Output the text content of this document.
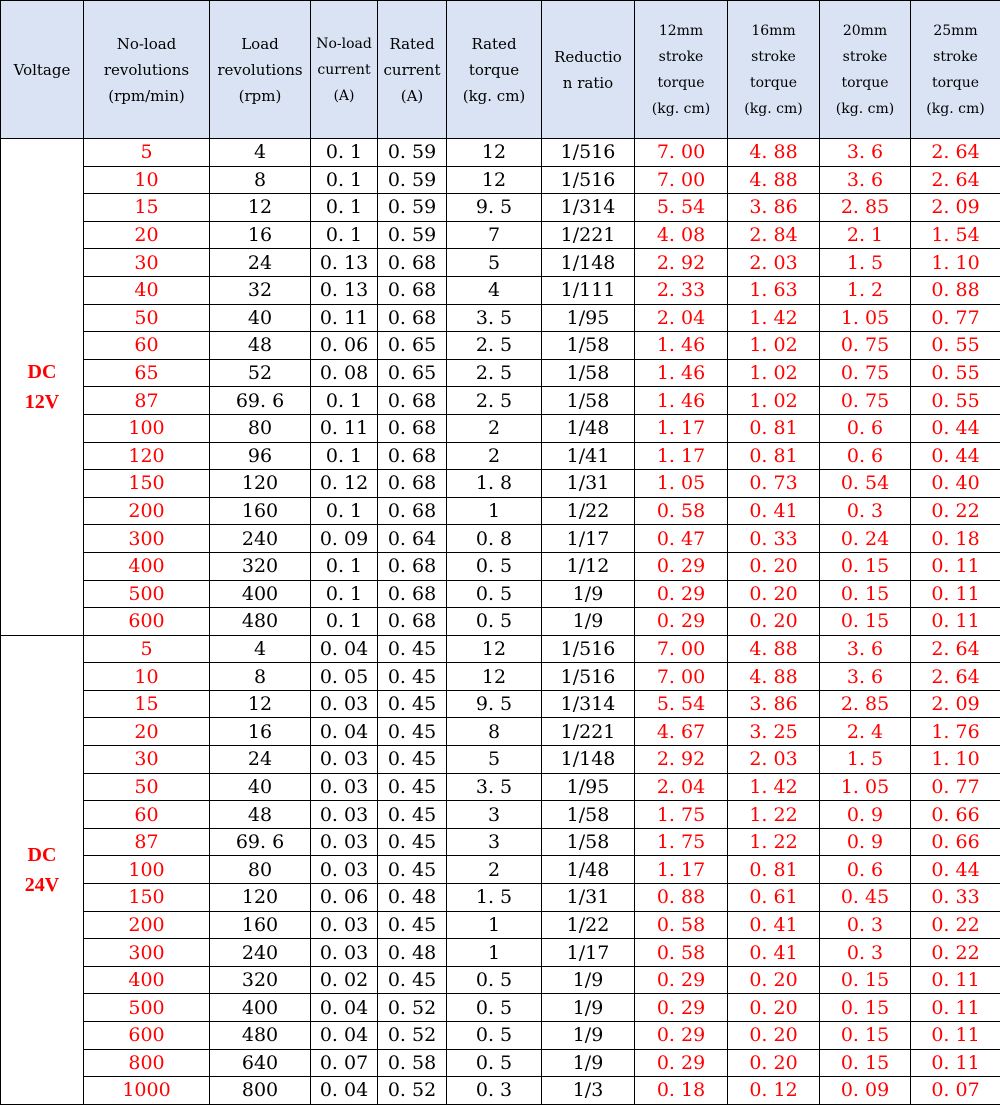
Voltage	No-load
revolutions
(rpm/min)	Load
revolutions
(rpm)	No-load
current
(A)	Rated
current
(A)	Rated
torque
(kg. cm)	Reductio
n ratio	12mm
stroke
torque
(kg. cm)	16mm
stroke
torque
(kg. cm)	20mm
stroke
torque
(kg. cm)	25mm
stroke
torque
(kg. cm)
DC
12V	5	4	0. 1	0. 59	12	1/516	7. 00	4. 88	3. 6	2. 64
	10	8	0. 1	0. 59	12	1/516	7. 00	4. 88	3. 6	2. 64
	15	12	0. 1	0. 59	9. 5	1/314	5. 54	3. 86	2. 85	2. 09
	20	16	0. 1	0. 59	7	1/221	4. 08	2. 84	2. 1	1. 54
	30	24	0. 13	0. 68	5	1/148	2. 92	2. 03	1. 5	1. 10
	40	32	0. 13	0. 68	4	1/111	2. 33	1. 63	1. 2	0. 88
	50	40	0. 11	0. 68	3. 5	1/95	2. 04	1. 42	1. 05	0. 77
	60	48	0. 06	0. 65	2. 5	1/58	1. 46	1. 02	0. 75	0. 55
	65	52	0. 08	0. 65	2. 5	1/58	1. 46	1. 02	0. 75	0. 55
	87	69. 6	0. 1	0. 68	2. 5	1/58	1. 46	1. 02	0. 75	0. 55
	100	80	0. 11	0. 68	2	1/48	1. 17	0. 81	0. 6	0. 44
	120	96	0. 1	0. 68	2	1/41	1. 17	0. 81	0. 6	0. 44
	150	120	0. 12	0. 68	1. 8	1/31	1. 05	0. 73	0. 54	0. 40
	200	160	0. 1	0. 68	1	1/22	0. 58	0. 41	0. 3	0. 22
	300	240	0. 09	0. 64	0. 8	1/17	0. 47	0. 33	0. 24	0. 18
	400	320	0. 1	0. 68	0. 5	1/12	0. 29	0. 20	0. 15	0. 11
	500	400	0. 1	0. 68	0. 5	1/9	0. 29	0. 20	0. 15	0. 11
	600	480	0. 1	0. 68	0. 5	1/9	0. 29	0. 20	0. 15	0. 11
DC
24V	5	4	0. 04	0. 45	12	1/516	7. 00	4. 88	3. 6	2. 64
	10	8	0. 05	0. 45	12	1/516	7. 00	4. 88	3. 6	2. 64
	15	12	0. 03	0. 45	9. 5	1/314	5. 54	3. 86	2. 85	2. 09
	20	16	0. 04	0. 45	8	1/221	4. 67	3. 25	2. 4	1. 76
	30	24	0. 03	0. 45	5	1/148	2. 92	2. 03	1. 5	1. 10
	50	40	0. 03	0. 45	3. 5	1/95	2. 04	1. 42	1. 05	0. 77
	60	48	0. 03	0. 45	3	1/58	1. 75	1. 22	0. 9	0. 66
	87	69. 6	0. 03	0. 45	3	1/58	1. 75	1. 22	0. 9	0. 66
	100	80	0. 03	0. 45	2	1/48	1. 17	0. 81	0. 6	0. 44
	150	120	0. 06	0. 48	1. 5	1/31	0. 88	0. 61	0. 45	0. 33
	200	160	0. 03	0. 45	1	1/22	0. 58	0. 41	0. 3	0. 22
	300	240	0. 03	0. 48	1	1/17	0. 58	0. 41	0. 3	0. 22
	400	320	0. 02	0. 45	0. 5	1/9	0. 29	0. 20	0. 15	0. 11
	500	400	0. 04	0. 52	0. 5	1/9	0. 29	0. 20	0. 15	0. 11
	600	480	0. 04	0. 52	0. 5	1/9	0. 29	0. 20	0. 15	0. 11
	800	640	0. 07	0. 58	0. 5	1/9	0. 29	0. 20	0. 15	0. 11
	1000	800	0. 04	0. 52	0. 3	1/3	0. 18	0. 12	0. 09	0. 07
